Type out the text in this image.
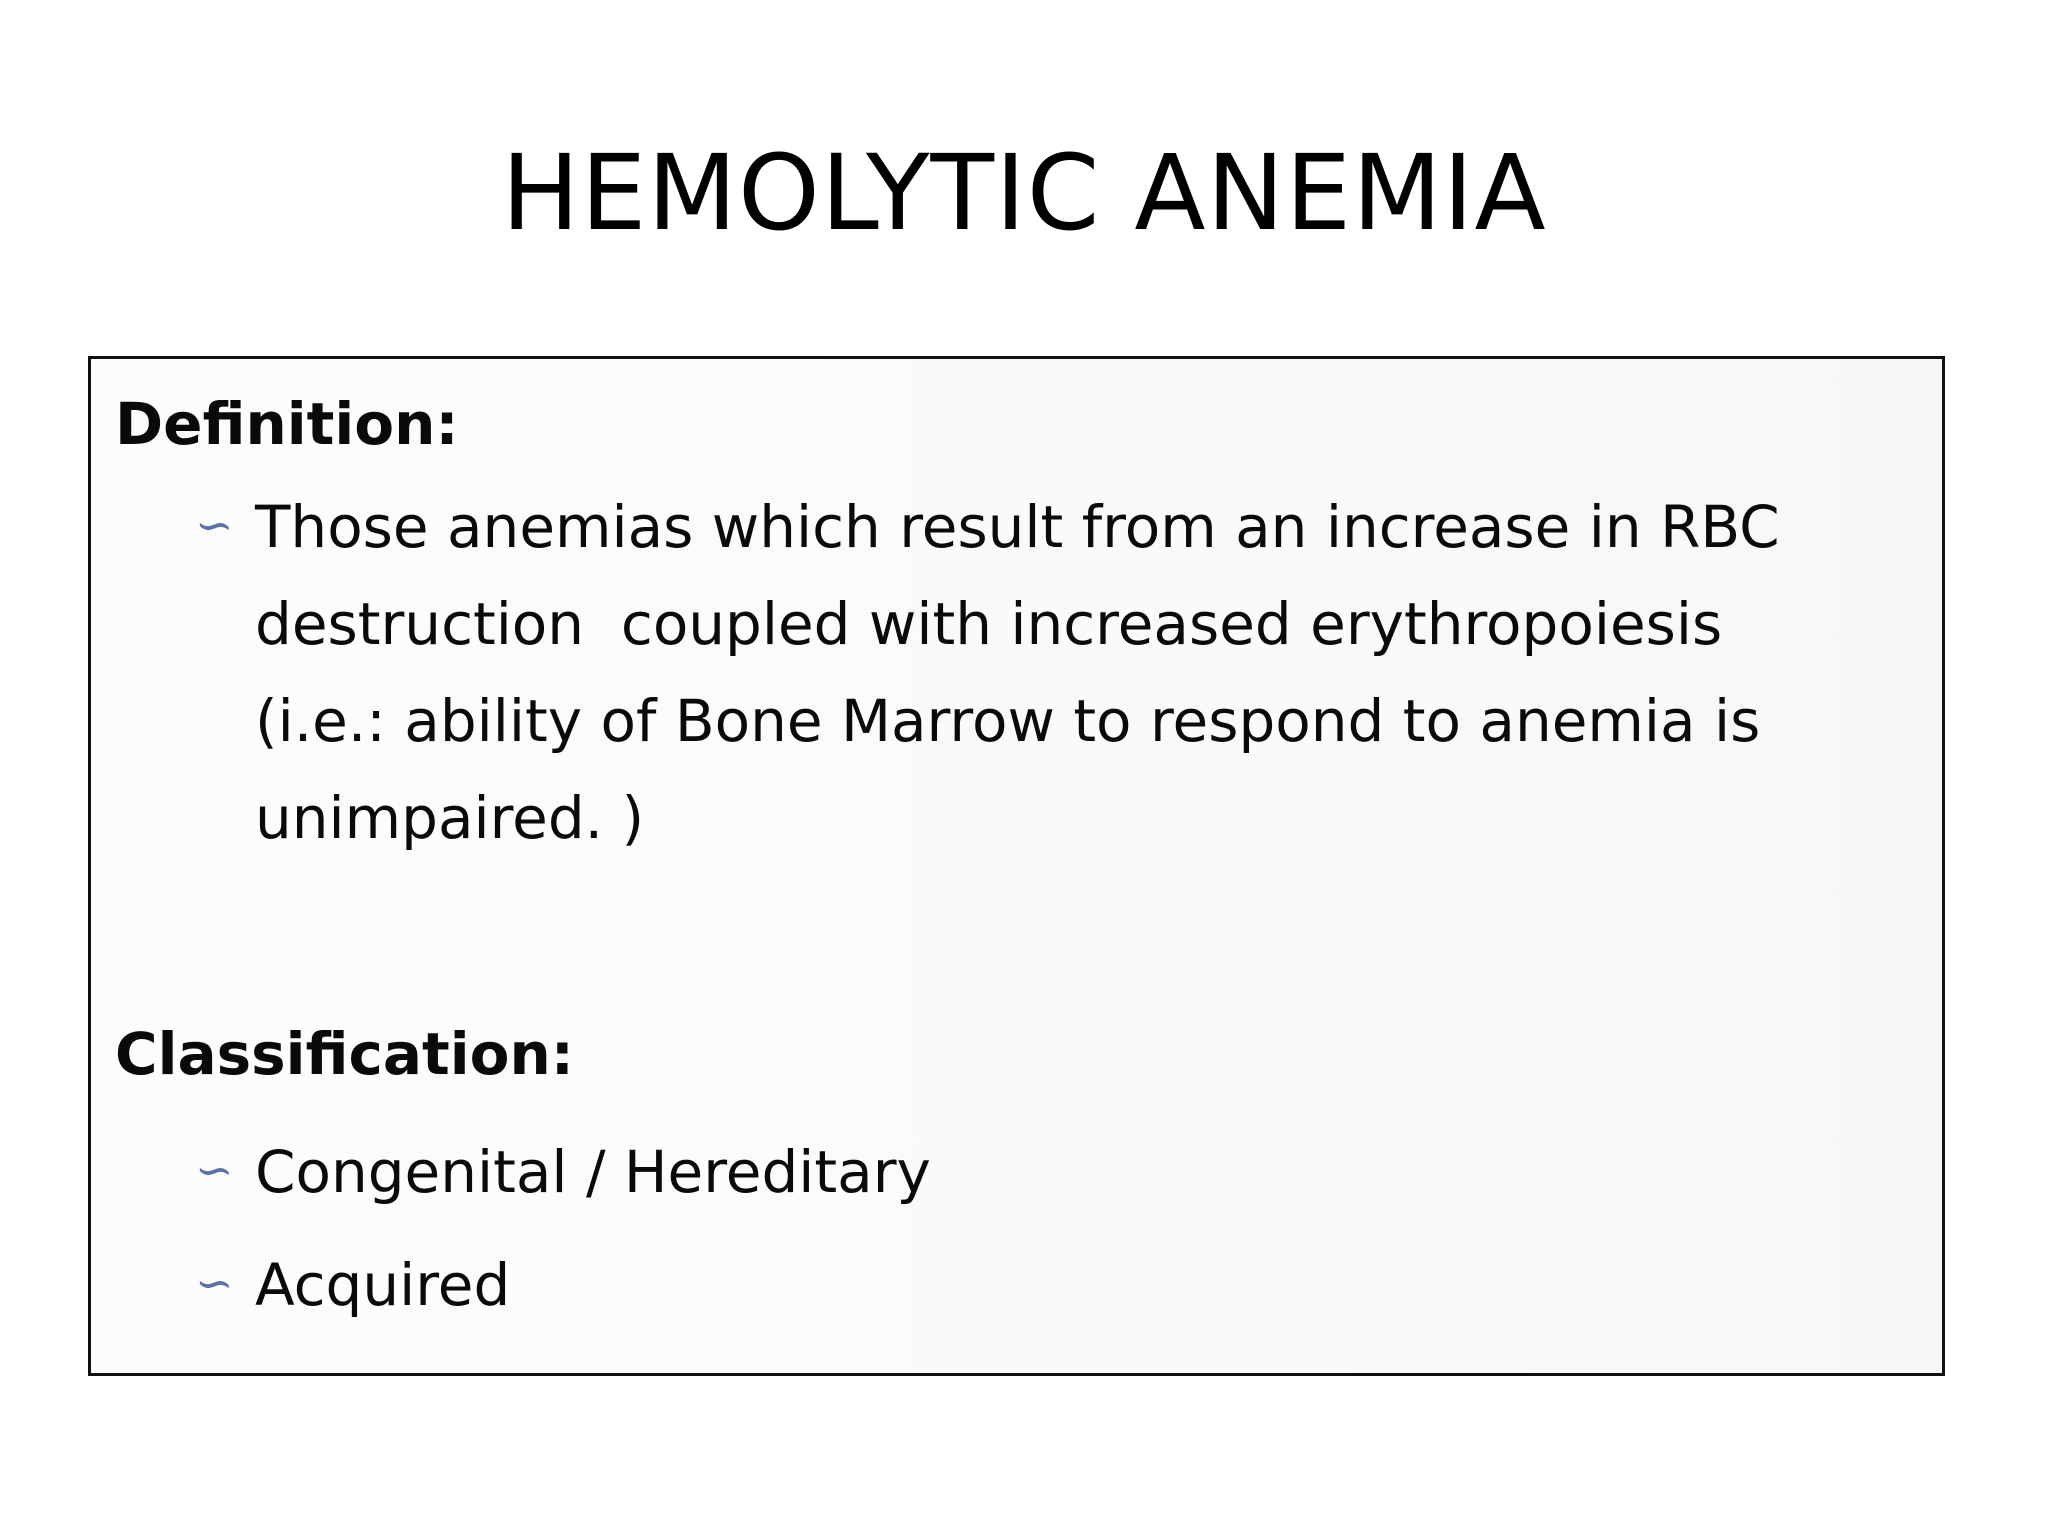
HEMOLYTIC ANEMIA
Definition:
∽ Those anemias which result from an increase in RBC destruction  coupled with increased erythropoiesis  (i.e.: ability of Bone Marrow to respond to anemia is unimpaired. )
Classification:
∽ Congenital / Hereditary
∽ Acquired
